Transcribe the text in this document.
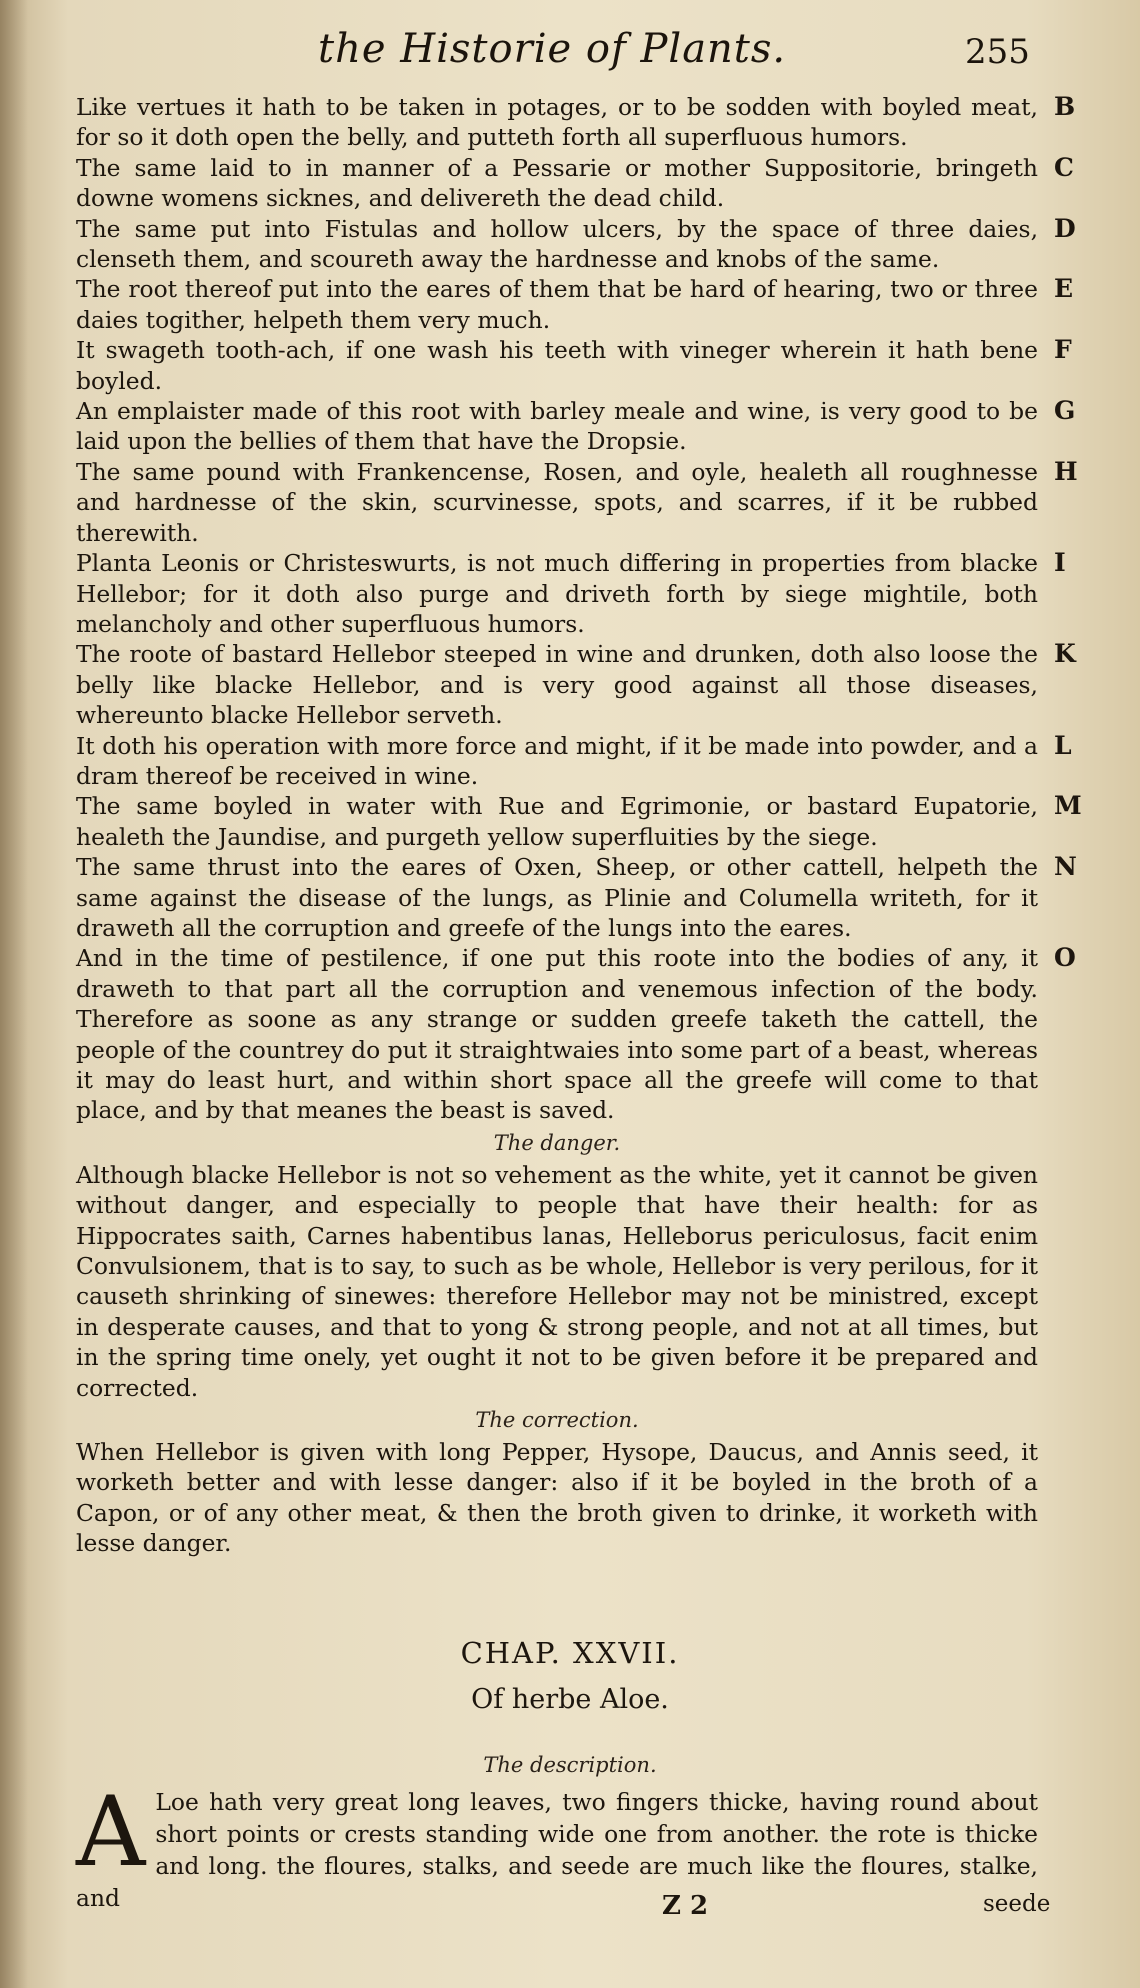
the Historie of Plants.	255

Like vertues it hath to be taken in potages, or to be sodden with boyled meat, for so it doth open the belly, and putteth forth all superfluous humors.
B

The same laid to in manner of a Pessarie or mother Suppositorie, bringeth downe womens sicknes, and delivereth the dead child.
C

The same put into Fistulas and hollow ulcers, by the space of three daies, clenseth them, and scoureth away the hardnesse and knobs of the same.
D

The root thereof put into the eares of them that be hard of hearing, two or three daies togither, helpeth them very much.
E

It swageth tooth-ach, if one wash his teeth with vineger wherein it hath bene boyled.
F

An emplaister made of this root with barley meale and wine, is very good to be laid upon the bellies of them that have the Dropsie.
G

The same pound with Frankencense, Rosen, and oyle, healeth all roughnesse and hardnesse of the skin, scurvinesse, spots, and scarres, if it be rubbed therewith.
H

Planta Leonis or Christeswurts, is not much differing in properties from blacke Hellebor; for it doth also purge and driveth forth by siege mightile, both melancholy and other superfluous humors.
I

The roote of bastard Hellebor steeped in wine and drunken, doth also loose the belly like blacke Hellebor, and is very good against all those diseases, whereunto blacke Hellebor serveth.
K

It doth his operation with more force and might, if it be made into powder, and a dram thereof be received in wine.
L

The same boyled in water with Rue and Egrimonie, or bastard Eupatorie, healeth the Jaundise, and purgeth yellow superfluities by the siege.
M

The same thrust into the eares of Oxen, Sheep, or other cattell, helpeth the same against the disease of the lungs, as Plinie and Columella writeth, for it draweth all the corruption and greefe of the lungs into the eares.
N

And in the time of pestilence, if one put this roote into the bodies of any, it draweth to that part all the corruption and venemous infection of the body. Therefore as soone as any strange or sudden greefe taketh the cattell, the people of the countrey do put it straightwaies into some part of a beast, whereas it may do least hurt, and within short space all the greefe will come to that place, and by that meanes the beast is saved.
O

The danger.

Although blacke Hellebor is not so vehement as the white, yet it cannot be given without danger, and especially to people that have their health: for as Hippocrates saith, Carnes habentibus lanas, Helleborus periculosus, facit enim Convulsionem, that is to say, to such as be whole, Hellebor is very perilous, for it causeth shrinking of sinewes: therefore Hellebor may not be ministred, except in desperate causes, and that to yong & strong people, and not at all times, but in the spring time onely, yet ought it not to be given before it be prepared and corrected.

The correction.

When Hellebor is given with long Pepper, Hysope, Daucus, and Annis seed, it worketh better and with lesse danger: also if it be boyled in the broth of a Capon, or of any other meat, & then the broth given to drinke, it worketh with lesse danger.

CHAP. XXVII.
Of herbe Aloe.
The description.
A Loe hath very great long leaves, two fingers thicke, having round about short points or crests standing wide one from another. the rote is thicke and long. the floures, stalks, and seede are much like the floures, stalke, and	Z 2	seede
